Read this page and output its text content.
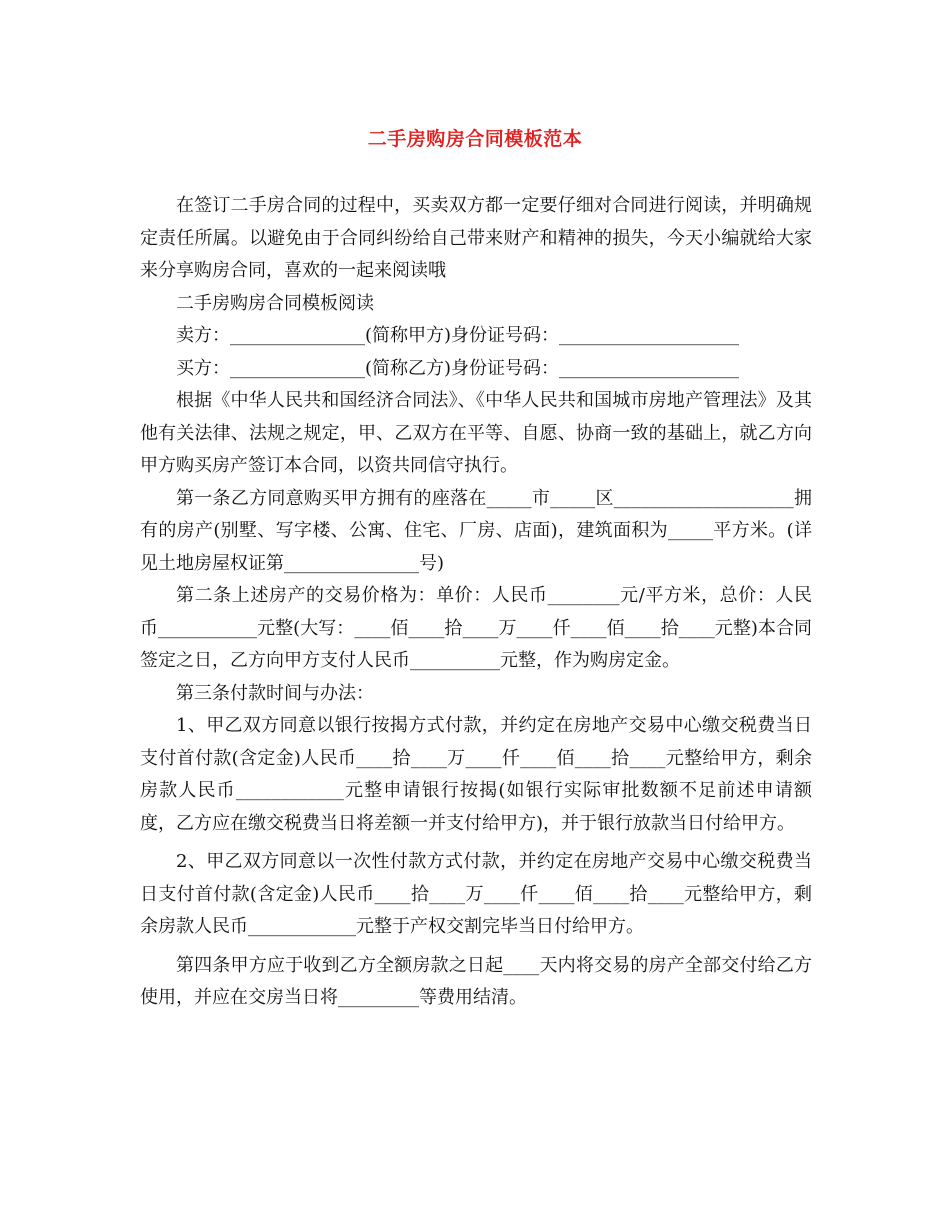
二手房购房合同模板范本

在签订二手房合同的过程中，买卖双方都一定要仔细对合同进行阅读，并明确规定责任所属。以避免由于合同纠纷给自己带来财产和精神的损失，今天小编就给大家来分享购房合同，喜欢的一起来阅读哦

二手房购房合同模板阅读

卖方：_______________(简称甲方)身份证号码：____________________

买方：_______________(简称乙方)身份证号码：____________________

根据《中华人民共和国经济合同法》、《中华人民共和国城市房地产管理法》及其他有关法律、法规之规定，甲、乙双方在平等、自愿、协商一致的基础上，就乙方向甲方购买房产签订本合同，以资共同信守执行。

第一条乙方同意购买甲方拥有的座落在_____市_____区____________________拥有的房产(别墅、写字楼、公寓、住宅、厂房、店面)，建筑面积为_____平方米。(详见土地房屋权证第_______________号)

第二条上述房产的交易价格为：单价：人民币________元/平方米，总价：人民币___________元整(大写：____佰____拾____万____仟____佰____拾____元整)本合同签定之日，乙方向甲方支付人民币__________元整，作为购房定金。

第三条付款时间与办法：

1、甲乙双方同意以银行按揭方式付款，并约定在房地产交易中心缴交税费当日支付首付款(含定金)人民币____拾____万____仟____佰____拾____元整给甲方，剩余房款人民币____________元整申请银行按揭(如银行实际审批数额不足前述申请额度，乙方应在缴交税费当日将差额一并支付给甲方)，并于银行放款当日付给甲方。

2、甲乙双方同意以一次性付款方式付款，并约定在房地产交易中心缴交税费当日支付首付款(含定金)人民币____拾____万____仟____佰____拾____元整给甲方，剩余房款人民币____________元整于产权交割完毕当日付给甲方。

第四条甲方应于收到乙方全额房款之日起____天内将交易的房产全部交付给乙方使用，并应在交房当日将_________等费用结清。
